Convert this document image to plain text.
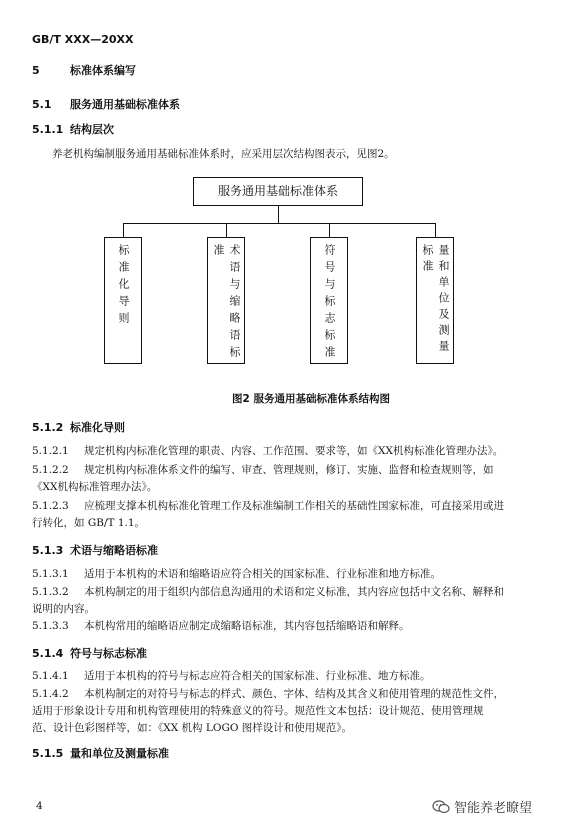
GB/T XXX—20XX
5	标准体系编写
5.1 服务通用基础标准体系
5.1.1 结构层次
养老机构编制服务通用基础标准体系时，应采用层次结构图表示，见图2。
服务通用基础标准体系
标准化导则	术语与缩略语标准	符号与标志标准	量和单位及测量标准
图2 服务通用基础标准体系结构图
5.1.2 标准化导则
5.1.2.1 规定机构内标准化管理的职责、内容、工作范围、要求等，如《XX机构标准化管理办法》。
5.1.2.2 规定机构内标准体系文件的编写、审查、管理规则，修订、实施、监督和检查规则等，如
《XX机构标准管理办法》。
5.1.2.3 应梳理支撑本机构标准化管理工作及标准编制工作相关的基础性国家标准，可直接采用或进
行转化，如 GB/T 1.1。
5.1.3 术语与缩略语标准
5.1.3.1 适用于本机构的术语和缩略语应符合相关的国家标准、行业标准和地方标准。
5.1.3.2 本机构制定的用于组织内部信息沟通用的术语和定义标准，其内容应包括中文名称、解释和
说明的内容。
5.1.3.3 本机构常用的缩略语应制定成缩略语标准，其内容包括缩略语和解释。
5.1.4 符号与标志标准
5.1.4.1 适用于本机构的符号与标志应符合相关的国家标准、行业标准、地方标准。
5.1.4.2 本机构制定的对符号与标志的样式、颜色、字体、结构及其含义和使用管理的规范性文件，
适用于形象设计专用和机构管理使用的特殊意义的符号。规范性文本包括：设计规范、使用管理规
范、设计色彩图样等，如：《XX 机构 LOGO 图样设计和使用规范》。
5.1.5 量和单位及测量标准
4	智能养老瞭望
